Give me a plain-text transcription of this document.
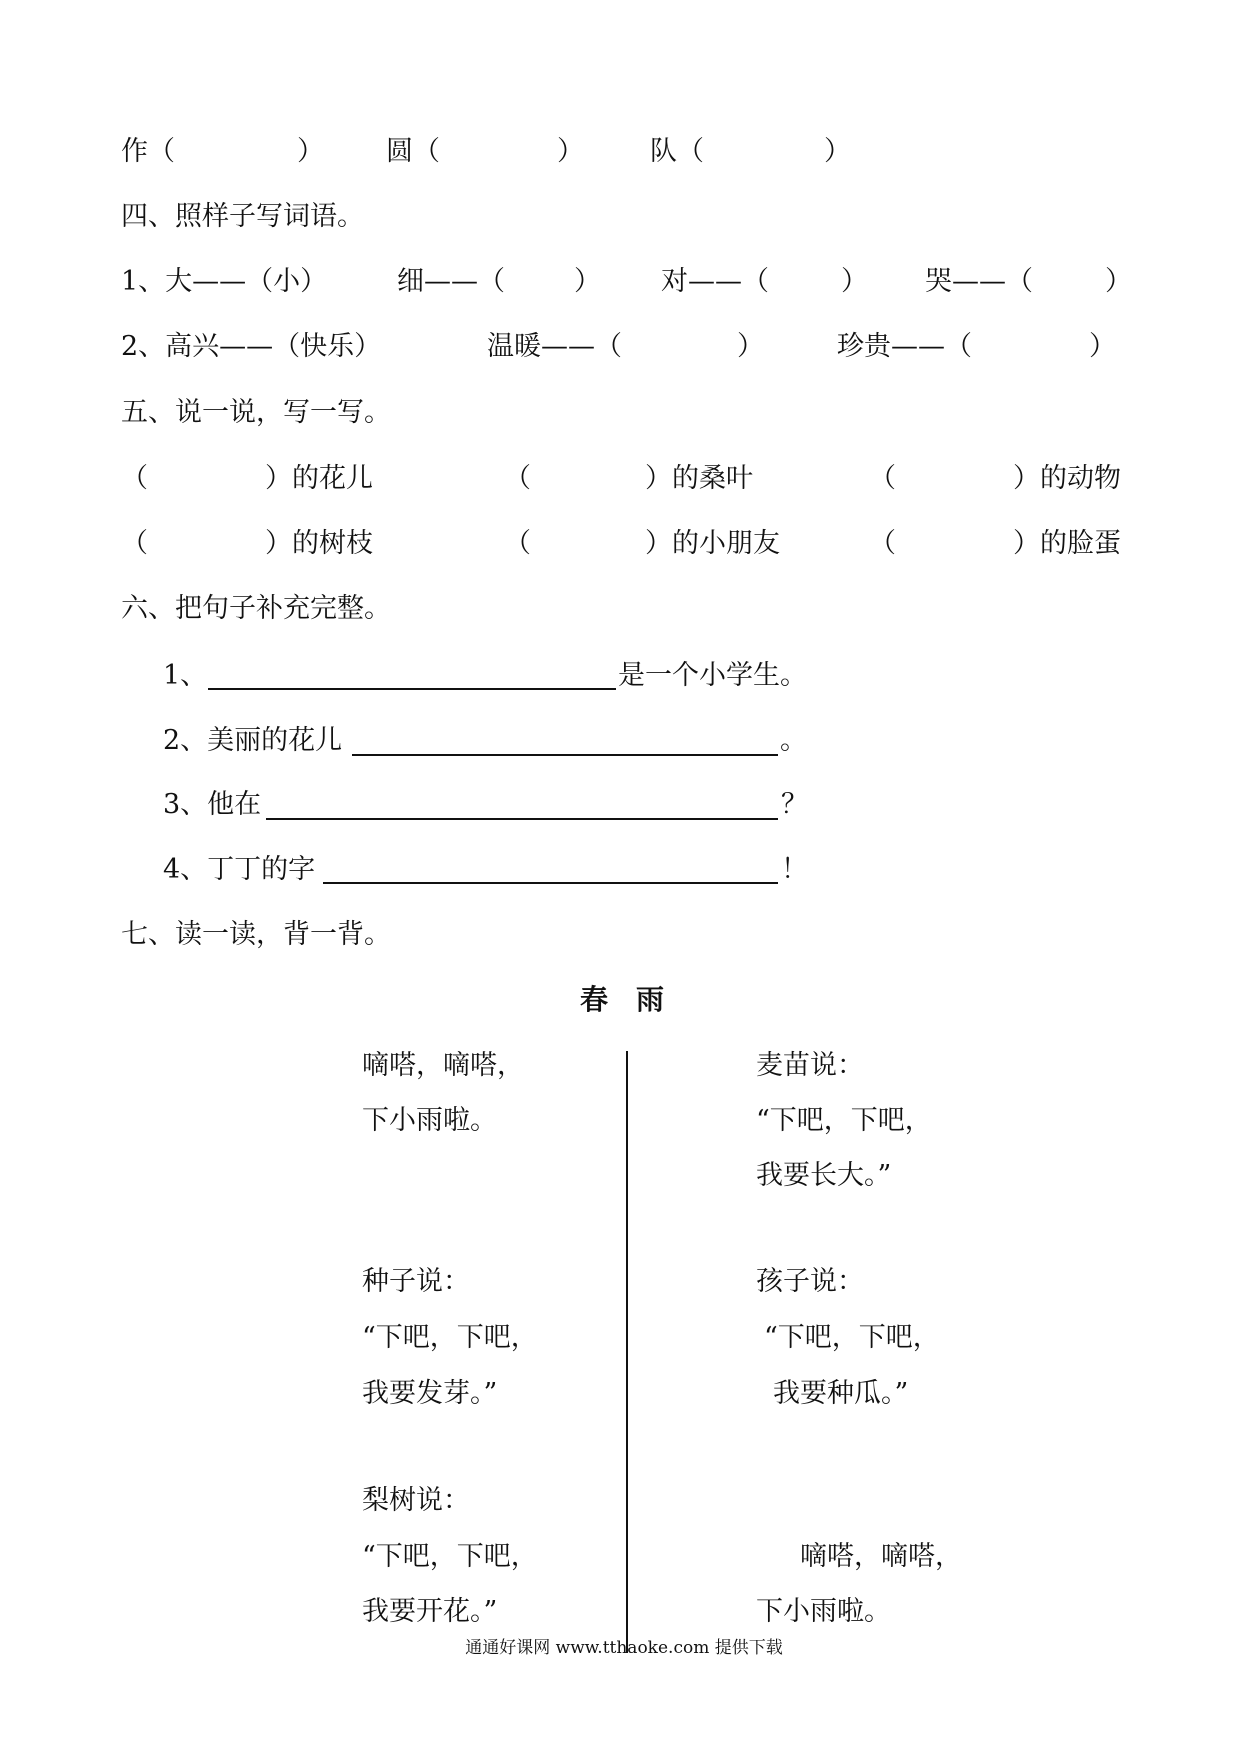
作（	） 圆（	） 队（	）
四、照样子写词语。
1、大——（小）	细——（	） 对——（	） 哭——（	）
2、高兴——（快乐）	温暖——（	）	珍贵——（	）
五、说一说，写一写。
（	）的花儿	（	）的桑叶	（	）的动物
（	）的树枝	（	）的小朋友	（	）的脸蛋
六、把句子补充完整。
1、	是一个小学生。
2、美丽的花儿	。
3、他在	？
4、丁丁的字	！
七、读一读，背一背。
春　雨
嘀嗒，嘀嗒，
下小雨啦。
种子说：
“下吧，下吧，
我要发芽。”
梨树说：
“下吧，下吧，
我要开花。”
麦苗说：
“下吧，下吧，
我要长大。”
孩子说：
“下吧，下吧，
我要种瓜。”
嘀嗒，嘀嗒，
下小雨啦。
通通好课网 www.tthaoke.com 提供下载
